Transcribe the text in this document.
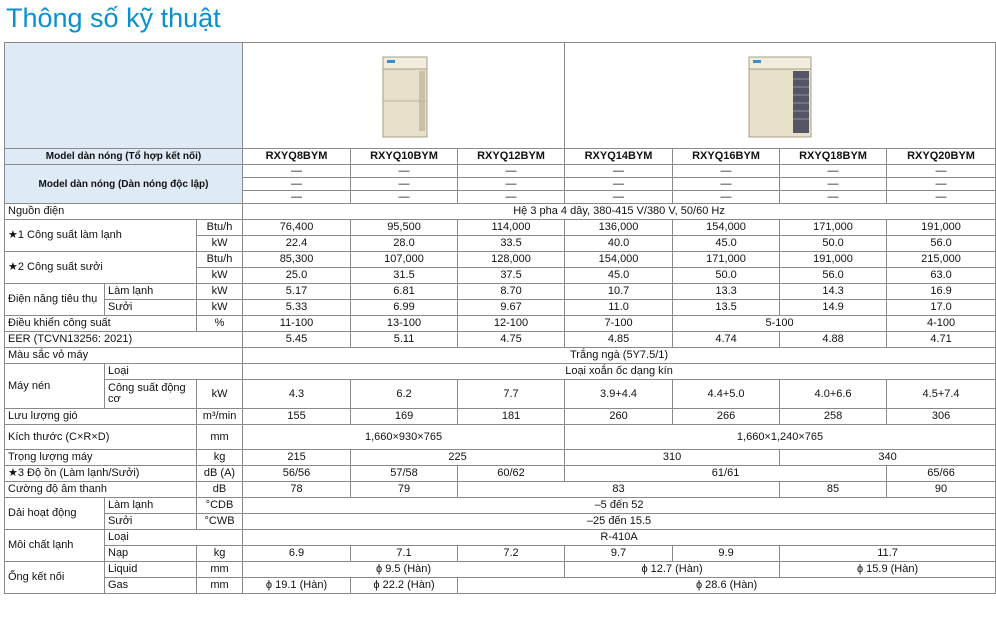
Thông số kỹ thuật

Model dàn nóng (Tổ hợp kết nối)			RXYQ8BYM	RXYQ10BYM	RXYQ12BYM	RXYQ14BYM	RXYQ16BYM	RXYQ18BYM	RXYQ20BYM
Model dàn nóng (Dàn nóng độc lập)			—	—	—	—	—	—	—
			—	—	—	—	—	—	—
			—	—	—	—	—	—	—
Nguồn điện			Hệ 3 pha 4 dây, 380-415 V/380 V, 50/60 Hz						
★1 Công suất làm lạnh		Btu/h	76,400	95,500	114,000	136,000	154,000	171,000	191,000
		kW	22.4	28.0	33.5	40.0	45.0	50.0	56.0
★2 Công suất sưởi		Btu/h	85,300	107,000	128,000	154,000	171,000	191,000	215,000
		kW	25.0	31.5	37.5	45.0	50.0	56.0	63.0
Điện năng tiêu thụ	Làm lạnh	kW	5.17	6.81	8.70	10.7	13.3	14.3	16.9
	Sưởi	kW	5.33	6.99	9.67	11.0	13.5	14.9	17.0
Điều khiển công suất		%	11-100	13-100	12-100	7-100	5-100		4-100
EER (TCVN13256: 2021)			5.45	5.11	4.75	4.85	4.74	4.88	4.71
Màu sắc vỏ máy			Trắng ngà (5Y7.5/1)						
Máy nén	Loại		Loại xoắn ốc dạng kín						
	Công suất động cơ	kW	4.3	6.2	7.7	3.9+4.4	4.4+5.0	4.0+6.6	4.5+7.4
Lưu lượng gió		m³/min	155	169	181	260	266	258	306
Kích thước (C×R×D)		mm	1,660×930×765			1,660×1,240×765			
Trọng lượng máy		kg	215	225		310		340	
★3 Độ ồn (Làm lạnh/Sưởi)		dB (A)	56/56	57/58	60/62	61/61			65/66
Cường độ âm thanh		dB	78	79	83			85	90
Dải hoạt động	Làm lạnh	°CDB	–5 đến 52						
	Sưởi	°CWB	–25 đến 15.5						
Môi chất lạnh	Loại		R-410A						
	Nạp	kg	6.9	7.1	7.2	9.7	9.9	11.7	
Ống kết nối	Liquid	mm	ϕ 9.5 (Hàn)			ϕ 12.7 (Hàn)		ϕ 15.9 (Hàn)	
	Gas	mm	ϕ 19.1 (Hàn)	ϕ 22.2 (Hàn)	ϕ 28.6 (Hàn)				
